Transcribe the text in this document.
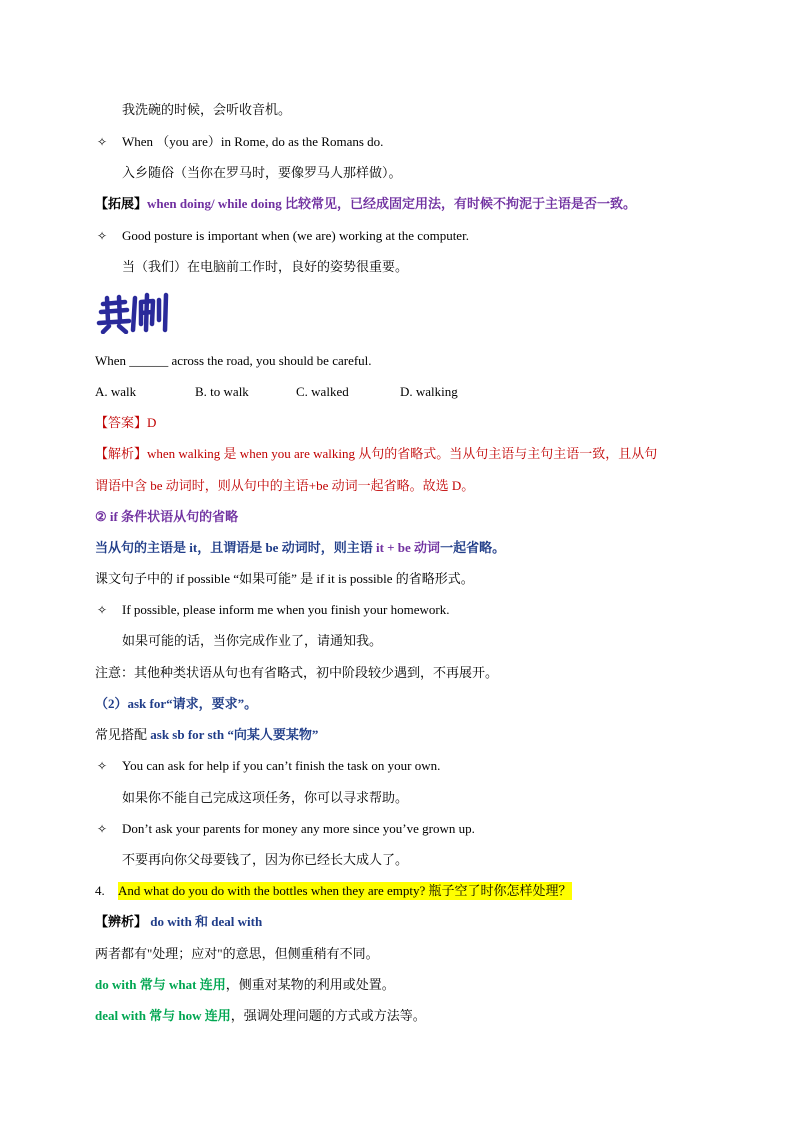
我洗碗的时候，会听收音机。
✧ When （you are）in Rome, do as the Romans do.
入乡随俗（当你在罗马时，要像罗马人那样做）。
【拓展】when doing/ while doing 比较常见，已经成固定用法，有时候不拘泥于主语是否一致。
✧ Good posture is important when (we are) working at the computer.
当（我们）在电脑前工作时，良好的姿势很重要。
When ______ across the road, you should be careful.
A. walk	B. to walk	C. walked	D. walking
【答案】D
【解析】when walking 是 when you are walking 从句的省略式。当从句主语与主句主语一致，且从句
谓语中含 be 动词时，则从句中的主语+be 动词一起省略。故选 D。
② if 条件状语从句的省略
当从句的主语是 it，且谓语是 be 动词时，则主语 it + be 动词一起省略。
课文句子中的 if possible “如果可能” 是 if it is possible 的省略形式。
✧ If possible, please inform me when you finish your homework.
如果可能的话，当你完成作业了，请通知我。
注意：其他种类状语从句也有省略式，初中阶段较少遇到，不再展开。
（2）ask for“请求，要求”。
常见搭配 ask sb for sth “向某人要某物”
✧ You can ask for help if you can’t finish the task on your own.
如果你不能自己完成这项任务，你可以寻求帮助。
✧ Don’t ask your parents for money any more since you’ve grown up.
不要再向你父母要钱了，因为你已经长大成人了。
4. And what do you do with the bottles when they are empty? 瓶子空了时你怎样处理？
【辨析】 do with 和 deal with
两者都有"处理；应对"的意思，但侧重稍有不同。
do with 常与 what 连用，侧重对某物的利用或处置。
deal with 常与 how 连用，强调处理问题的方式或方法等。
